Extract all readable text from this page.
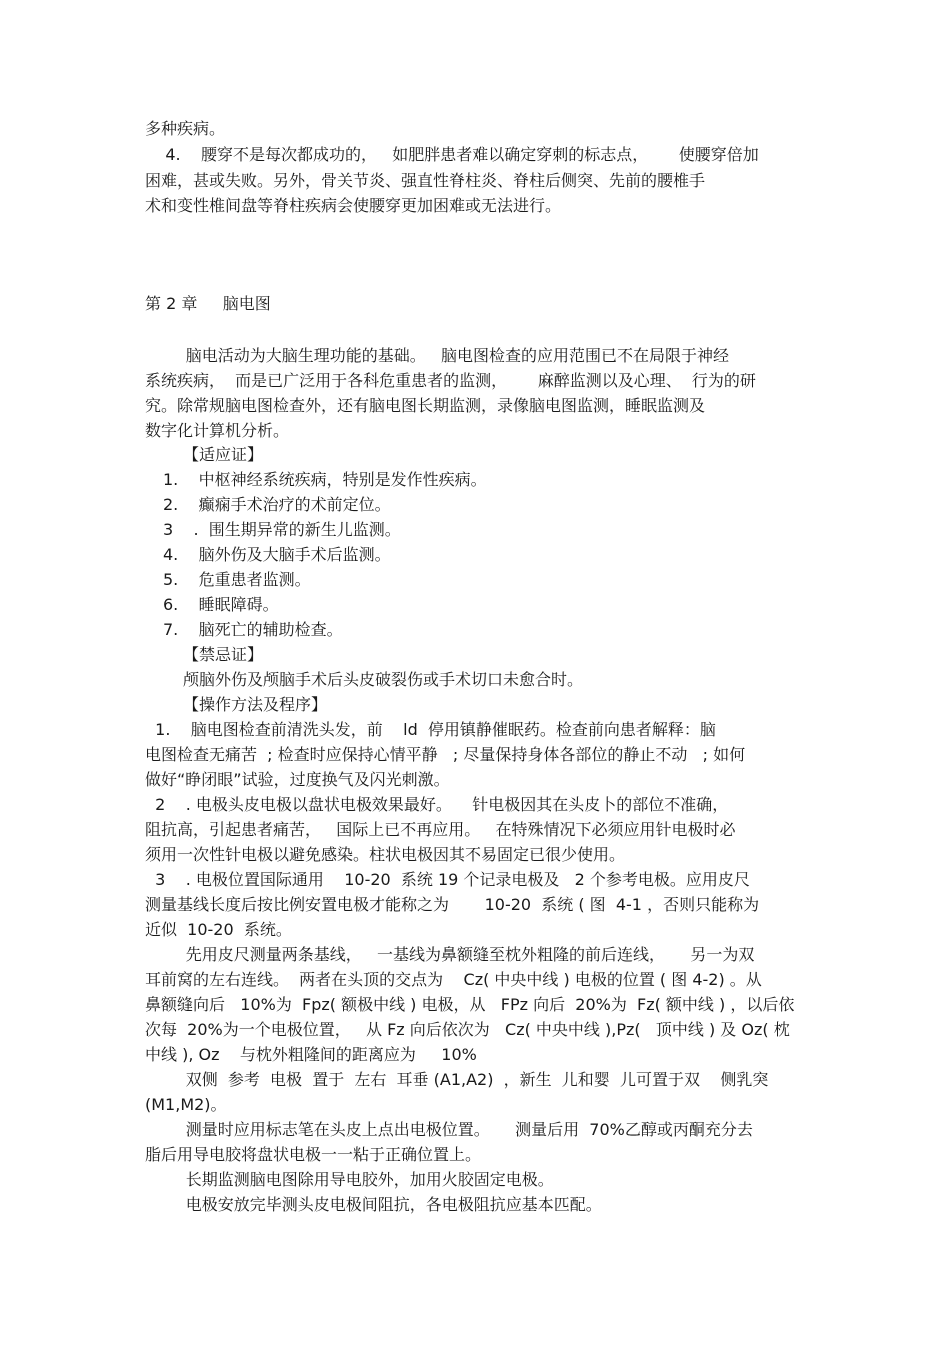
多种疾病。

4.    腰穿不是每次都成功的，   如肥胖患者难以确定穿刺的标志点，      使腰穿倍加

困难，甚或失败。另外，骨关节炎、强直性脊柱炎、脊柱后侧突、先前的腰椎手

术和变性椎间盘等脊柱疾病会使腰穿更加困难或无法进行。

第 2 章     脑电图

脑电活动为大脑生理功能的基础。   脑电图检查的应用范围已不在局限于神经

系统疾病，  而是已广泛用于各科危重患者的监测，      麻醉监测以及心理、  行为的研

究。除常规脑电图检查外，还有脑电图长期监测，录像脑电图监测，睡眠监测及

数字化计算机分析。

【适应证】

1.    中枢神经系统疾病，特别是发作性疾病。

2.    癫痫手术治疗的术前定位。

3    .  围生期异常的新生儿监测。

4.    脑外伤及大脑手术后监测。

5.    危重患者监测。

6.    睡眠障碍。

7.    脑死亡的辅助检查。

【禁忌证】

颅脑外伤及颅脑手术后头皮破裂伤或手术切口未愈合时。

【操作方法及程序】

1.    脑电图检查前清洗头发，前    ld  停用镇静催眠药。检查前向患者解释：脑

电图检查无痛苦  ; 检查时应保持心情平静   ; 尽量保持身体各部位的静止不动   ; 如何

做好“睁闭眼”试验，过度换气及闪光刺激。

2    . 电极头皮电极以盘状电极效果最好。    针电极因其在头皮卜的部位不准确，

阻抗高，引起患者痛苦，   国际上已不再应用。   在特殊情况下必须应用针电极时必

须用一次性针电极以避免感染。柱状电极因其不易固定已很少使用。

3    . 电极位置国际通用    10-20  系统 19 个记录电极及   2 个参考电极。应用皮尺

测量基线长度后按比例安置电极才能称之为       10-20  系统 ( 图  4-1 ，否则只能称为

近似  10-20  系统。

先用皮尺测量两条基线，   一基线为鼻额缝至枕外粗隆的前后连线，     另一为双

耳前窝的左右连线。  两者在头顶的交点为    Cz( 中央中线 ) 电极的位置 ( 图 4-2) 。从

鼻额缝向后   10%为  Fpz( 额极中线 ) 电极，从   FPz 向后  20%为  Fz( 额中线 ) ，以后依

次每  20%为一个电极位置，   从 Fz 向后依次为   Cz( 中央中线 ),Pz(   顶中线 ) 及 Oz( 枕

中线 ), Oz    与枕外粗隆间的距离应为     10%

双侧  参考  电极  置于  左右  耳垂 (A1,A2)  ，新生  儿和婴  儿可置于双    侧乳突

(M1,M2)。

测量时应用标志笔在头皮上点出电极位置。     测量后用  70%乙醇或丙酮充分去

脂后用导电胶将盘状电极一一粘于正确位置上。

长期监测脑电图除用导电胶外，加用火胶固定电极。

电极安放完毕测头皮电极间阻抗，各电极阻抗应基本匹配。
